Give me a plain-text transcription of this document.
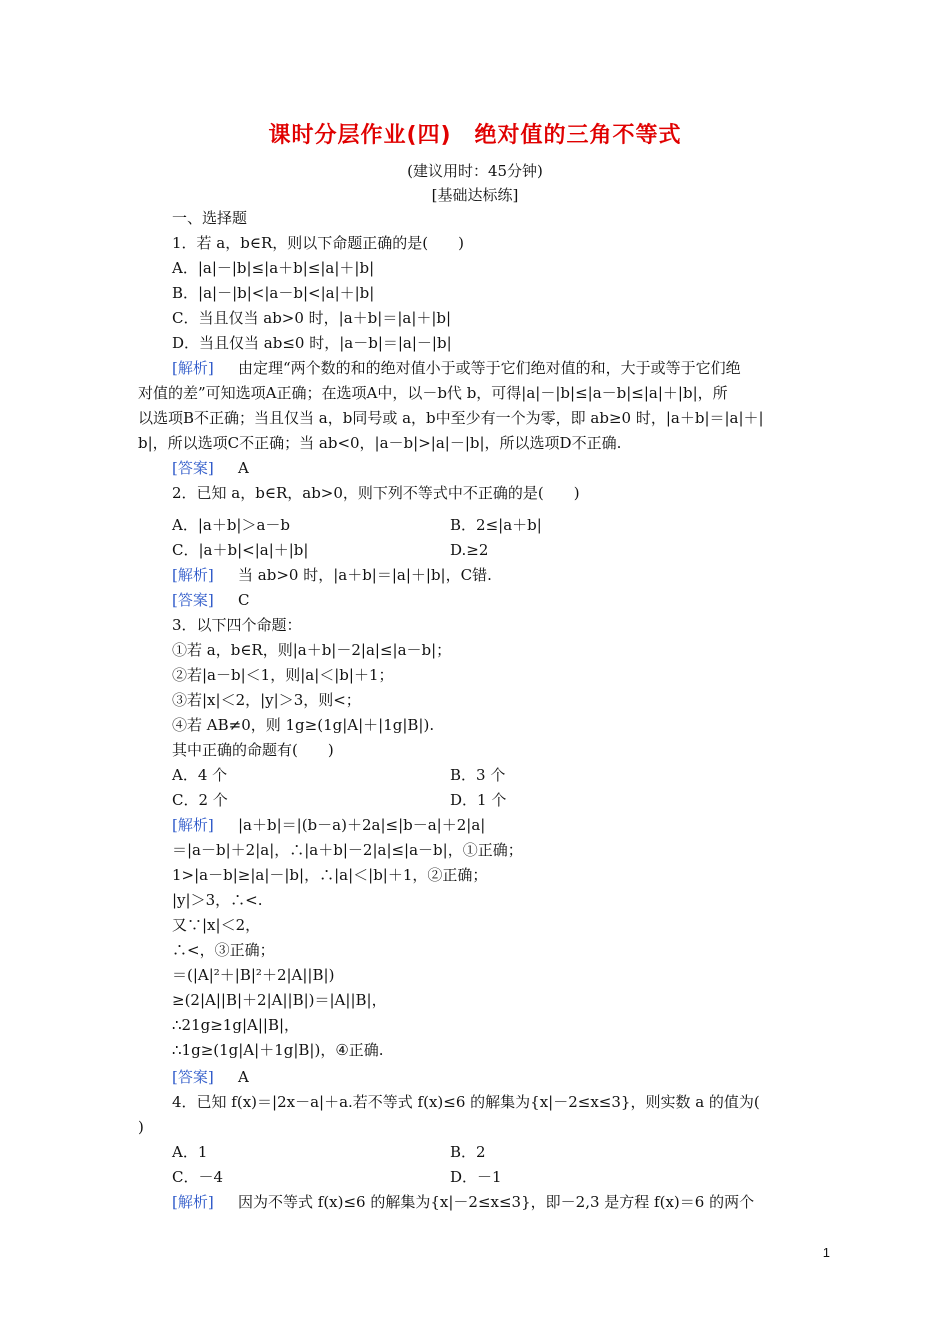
课时分层作业(四)　绝对值的三角不等式
(建议用时：45分钟)
[基础达标练]
一、选择题
1．若 a，b∈R，则以下命题正确的是(　　)
A．|a|－|b|≤|a＋b|≤|a|＋|b|
B．|a|－|b|<|a－b|<|a|＋|b|
C．当且仅当 ab>0 时，|a＋b|＝|a|＋|b|
D．当且仅当 ab≤0 时，|a－b|＝|a|－|b|
[解析] 由定理“两个数的和的绝对值小于或等于它们绝对值的和，大于或等于它们绝
对值的差”可知选项A正确；在选项A中，以－b代 b，可得|a|－|b|≤|a－b|≤|a|＋|b|，所
以选项B不正确；当且仅当 a，b同号或 a，b中至少有一个为零，即 ab≥0 时，|a＋b|＝|a|＋|
b|，所以选项C不正确；当 ab<0，|a－b|>|a|－|b|，所以选项D不正确.
[答案] A
2．已知 a，b∈R，ab>0，则下列不等式中不正确的是(　　)
A．|a＋b|＞a－b	B．2≤|a＋b|
C．|a＋b|<|a|＋|b|	D.≥2
[解析] 当 ab>0 时，|a＋b|＝|a|＋|b|，C错.
[答案] C
3．以下四个命题：
①若 a，b∈R，则|a＋b|－2|a|≤|a－b|；
②若|a－b|＜1，则|a|＜|b|＋1；
③若|x|＜2，|y|＞3，则<；
④若 AB≠0，则 1g≥(1g|A|＋|1g|B|).
其中正确的命题有(　　)
A．4 个	B．3 个
C．2 个	D．1 个
[解析] |a＋b|＝|(b－a)＋2a|≤|b－a|＋2|a|
＝|a－b|＋2|a|，∴|a＋b|－2|a|≤|a－b|，①正确；
1>|a－b|≥|a|－|b|，∴|a|＜|b|＋1，②正确；
|y|＞3，∴<.
又∵|x|＜2，
∴<，③正确；
＝(|A|²＋|B|²＋2|A||B|)
≥(2|A||B|＋2|A||B|)＝|A||B|，
∴21g≥1g|A||B|，
∴1g≥(1g|A|＋1g|B|)，④正确.
[答案] A
4．已知 f(x)＝|2x－a|＋a.若不等式 f(x)≤6 的解集为{x|－2≤x≤3}，则实数 a 的值为(
)
A．1	B．2
C．－4	D．－1
[解析] 因为不等式 f(x)≤6 的解集为{x|－2≤x≤3}，即－2,3 是方程 f(x)＝6 的两个
1
